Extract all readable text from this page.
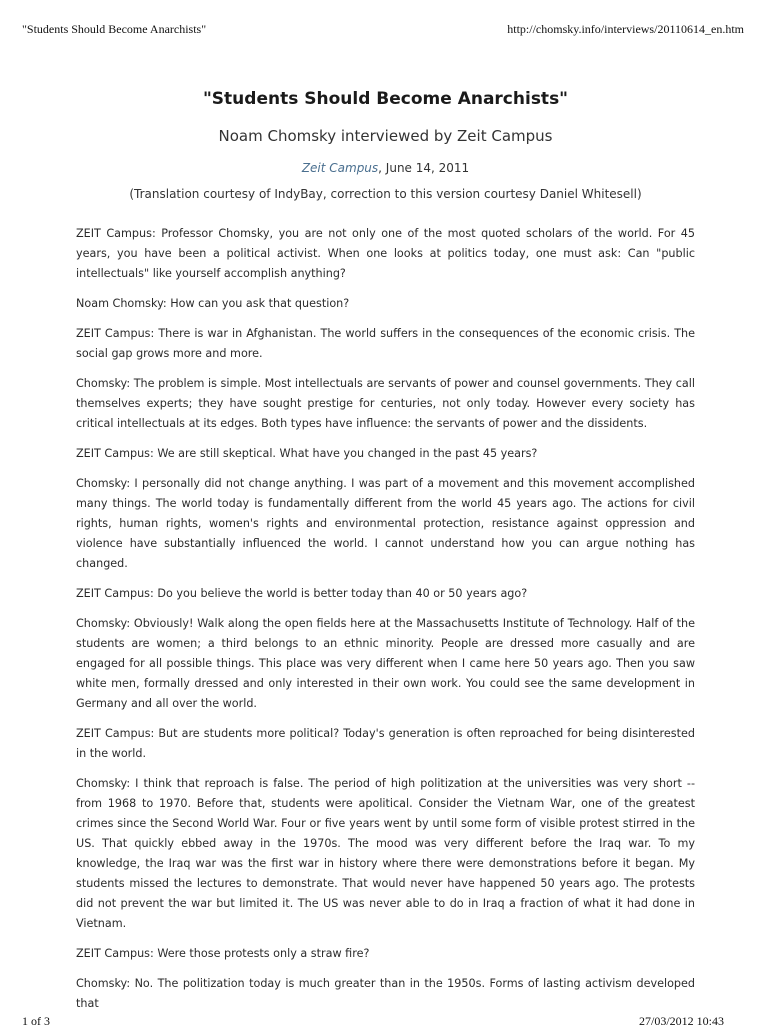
"Students Should Become Anarchists"	http://chomsky.info/interviews/20110614_en.htm
"Students Should Become Anarchists"
Noam Chomsky interviewed by Zeit Campus
Zeit Campus, June 14, 2011
(Translation courtesy of IndyBay, correction to this version courtesy Daniel Whitesell)

ZEIT Campus: Professor Chomsky, you are not only one of the most quoted scholars of the world. For 45 years, you have been a political activist. When one looks at politics today, one must ask: Can "public intellectuals" like yourself accomplish anything?

Noam Chomsky: How can you ask that question?

ZEIT Campus: There is war in Afghanistan. The world suffers in the consequences of the economic crisis. The social gap grows more and more.

Chomsky: The problem is simple. Most intellectuals are servants of power and counsel governments. They call themselves experts; they have sought prestige for centuries, not only today. However every society has critical intellectuals at its edges. Both types have influence: the servants of power and the dissidents.

ZEIT Campus: We are still skeptical. What have you changed in the past 45 years?

Chomsky: I personally did not change anything. I was part of a movement and this movement accomplished many things. The world today is fundamentally different from the world 45 years ago. The actions for civil rights, human rights, women's rights and environmental protection, resistance against oppression and violence have substantially influenced the world. I cannot understand how you can argue nothing has changed.

ZEIT Campus: Do you believe the world is better today than 40 or 50 years ago?

Chomsky: Obviously! Walk along the open fields here at the Massachusetts Institute of Technology. Half of the students are women; a third belongs to an ethnic minority. People are dressed more casually and are engaged for all possible things. This place was very different when I came here 50 years ago. Then you saw white men, formally dressed and only interested in their own work. You could see the same development in Germany and all over the world.

ZEIT Campus: But are students more political? Today's generation is often reproached for being disinterested in the world.

Chomsky: I think that reproach is false. The period of high politization at the universities was very short -- from 1968 to 1970. Before that, students were apolitical. Consider the Vietnam War, one of the greatest crimes since the Second World War. Four or five years went by until some form of visible protest stirred in the US. That quickly ebbed away in the 1970s. The mood was very different before the Iraq war. To my knowledge, the Iraq war was the first war in history where there were demonstrations before it began. My students missed the lectures to demonstrate. That would never have happened 50 years ago. The protests did not prevent the war but limited it. The US was never able to do in Iraq a fraction of what it had done in Vietnam.

ZEIT Campus: Were those protests only a straw fire?

Chomsky: No. The politization today is much greater than in the 1950s. Forms of lasting activism developed that

1 of 3	27/03/2012 10:43
